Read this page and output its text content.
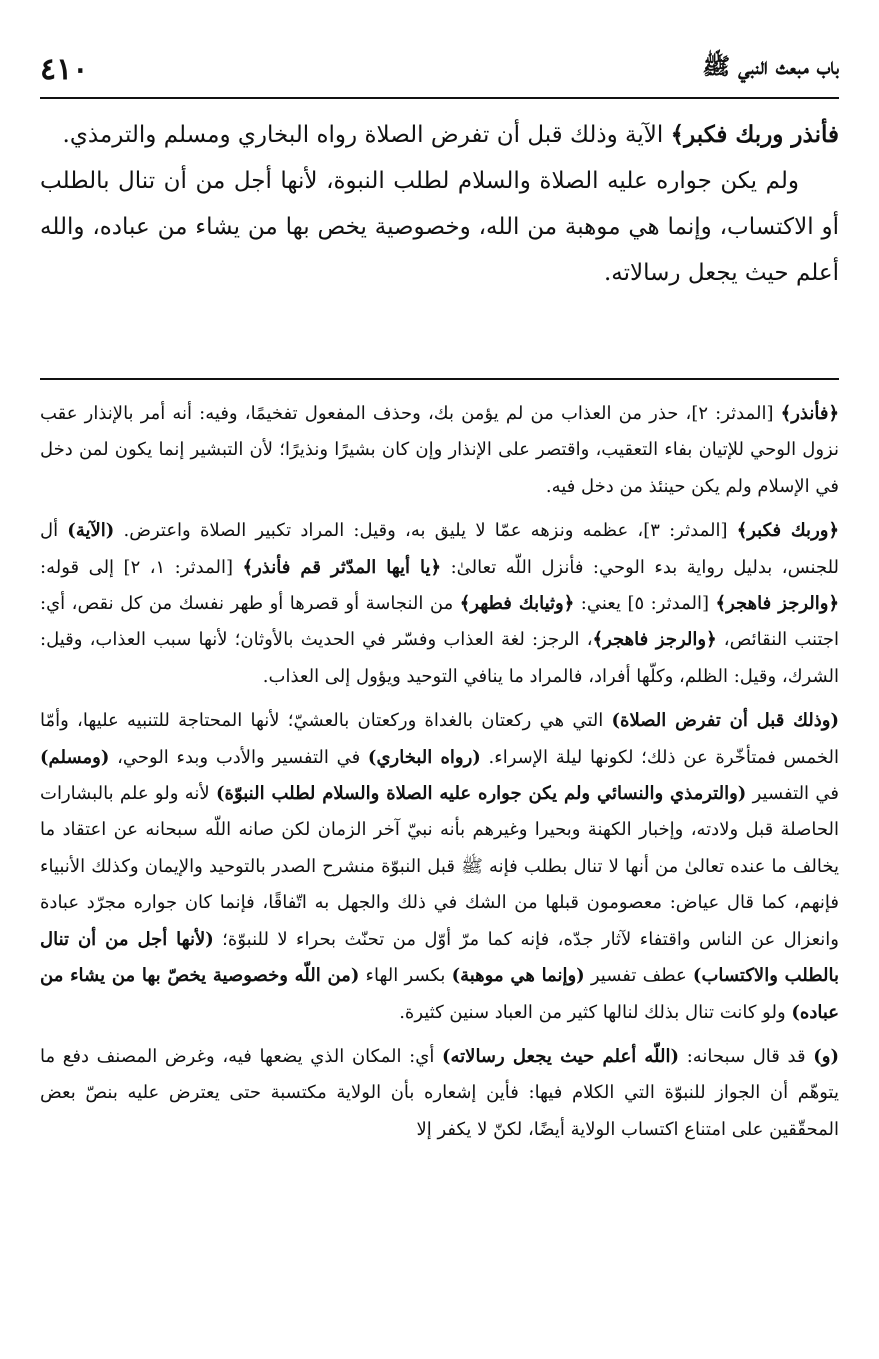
باب مبعث النبي ﷺ
٤١٠

فأنذر وربك فكبر﴾ الآية وذلك قبل أن تفرض الصلاة رواه البخاري ومسلم والترمذي.

ولم يكن جواره عليه الصلاة والسلام لطلب النبوة، لأنها أجل من أن تنال بالطلب أو الاكتساب، وإنما هي موهبة من الله، وخصوصية يخص بها من يشاء من عباده، والله أعلم حيث يجعل رسالاته.

﴿فأنذر﴾ [المدثر: ٢]، حذر من العذاب من لم يؤمن بك، وحذف المفعول تفخيمًا، وفيه: أنه أمر بالإنذار عقب نزول الوحي للإتيان بفاء التعقيب، واقتصر على الإنذار وإن كان بشيرًا ونذيرًا؛ لأن التبشير إنما يكون لمن دخل في الإسلام ولم يكن حينئذ من دخل فيه.

﴿وربك فكبر﴾ [المدثر: ٣]، عظمه ونزهه عمّا لا يليق به، وقيل: المراد تكبير الصلاة واعترض. (الآية) أل للجنس، بدليل رواية بدء الوحي: فأنزل اللّه تعالىٰ: ﴿يا أيها المدّثر قم فأنذر﴾ [المدثر: ١، ٢] إلى قوله: ﴿والرجز فاهجر﴾ [المدثر: ٥] يعني: ﴿وثيابك فطهر﴾ من النجاسة أو قصرها أو طهر نفسك من كل نقص، أي: اجتنب النقائص، ﴿والرجز فاهجر﴾، الرجز: لغة العذاب وفسّر في الحديث بالأوثان؛ لأنها سبب العذاب، وقيل: الشرك، وقيل: الظلم، وكلّها أفراد، فالمراد ما ينافي التوحيد ويؤول إلى العذاب.

(وذلك قبل أن تفرض الصلاة) التي هي ركعتان بالغداة وركعتان بالعشيّ؛ لأنها المحتاجة للتنبيه عليها، وأمّا الخمس فمتأخّرة عن ذلك؛ لكونها ليلة الإسراء. (رواه البخاري) في التفسير والأدب وبدء الوحي، (ومسلم) في التفسير (والترمذي والنسائي ولم يكن جواره عليه الصلاة والسلام لطلب النبوّة) لأنه ولو علم بالبشارات الحاصلة قبل ولادته، وإخبار الكهنة وبحيرا وغيرهم بأنه نبيّ آخر الزمان لكن صانه اللّه سبحانه عن اعتقاد ما يخالف ما عنده تعالىٰ من أنها لا تنال بطلب فإنه ﷺ قبل النبوّة منشرح الصدر بالتوحيد والإيمان وكذلك الأنبياء فإنهم، كما قال عياض: معصومون قبلها من الشك في ذلك والجهل به اتّفاقًا، فإنما كان جواره مجرّد عبادة وانعزال عن الناس واقتفاء لآثار جدّه، فإنه كما مرّ أوّل من تحنّث بحراء لا للنبوّة؛ (لأنها أجل من أن تنال بالطلب والاكتساب) عطف تفسير (وإنما هي موهبة) بكسر الهاء (من اللّه وخصوصية يخصّ بها من يشاء من عباده) ولو كانت تنال بذلك لنالها كثير من العباد سنين كثيرة.

(و) قد قال سبحانه: (اللّه أعلم حيث يجعل رسالاته) أي: المكان الذي يضعها فيه، وغرض المصنف دفع ما يتوهّم أن الجواز للنبوّة التي الكلام فيها: فأين إشعاره بأن الولاية مكتسبة حتى يعترض عليه بنصّ بعض المحقّقين على امتناع اكتساب الولاية أيضًا، لكنّ لا يكفر إلا
